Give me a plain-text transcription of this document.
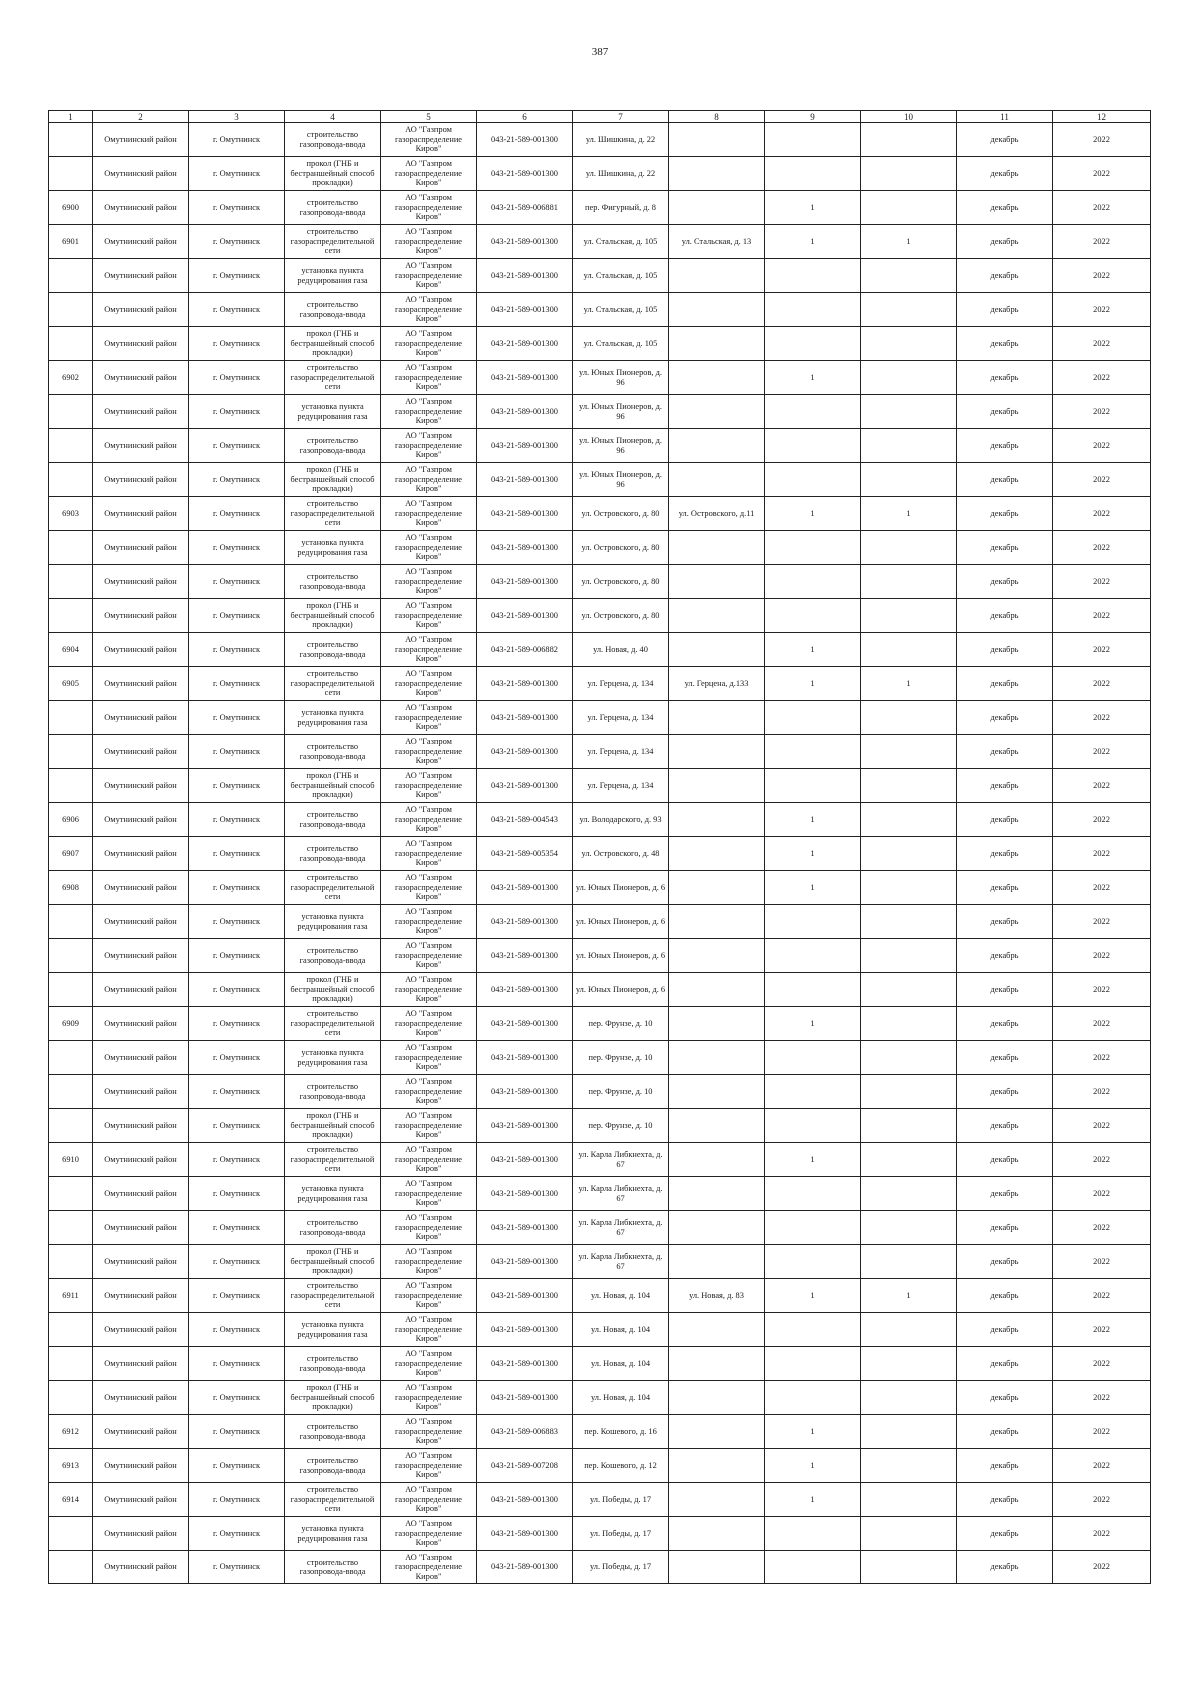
387
1	2	3	4	5	6	7	8	9	10	11	12
	Омутнинский район	г. Омутнинск	строительство газопровода-ввода	АО "Газпром газораспределение Киров"	043-21-589-001300	ул. Шишкина, д. 22				декабрь	2022
	Омутнинский район	г. Омутнинск	прокол (ГНБ и бестраншейный способ прокладки)	АО "Газпром газораспределение Киров"	043-21-589-001300	ул. Шишкина, д. 22				декабрь	2022
6900	Омутнинский район	г. Омутнинск	строительство газопровода-ввода	АО "Газпром газораспределение Киров"	043-21-589-006881	пер. Фигурный, д. 8		1		декабрь	2022
6901	Омутнинский район	г. Омутнинск	строительство газораспределительной сети	АО "Газпром газораспределение Киров"	043-21-589-001300	ул. Стальская, д. 105	ул. Стальская, д. 13	1	1	декабрь	2022
	Омутнинский район	г. Омутнинск	установка пункта редуцирования газа	АО "Газпром газораспределение Киров"	043-21-589-001300	ул. Стальская, д. 105				декабрь	2022
	Омутнинский район	г. Омутнинск	строительство газопровода-ввода	АО "Газпром газораспределение Киров"	043-21-589-001300	ул. Стальская, д. 105				декабрь	2022
	Омутнинский район	г. Омутнинск	прокол (ГНБ и бестраншейный способ прокладки)	АО "Газпром газораспределение Киров"	043-21-589-001300	ул. Стальская, д. 105				декабрь	2022
6902	Омутнинский район	г. Омутнинск	строительство газораспределительной сети	АО "Газпром газораспределение Киров"	043-21-589-001300	ул. Юных Пионеров, д. 96		1		декабрь	2022
	Омутнинский район	г. Омутнинск	установка пункта редуцирования газа	АО "Газпром газораспределение Киров"	043-21-589-001300	ул. Юных Пионеров, д. 96				декабрь	2022
	Омутнинский район	г. Омутнинск	строительство газопровода-ввода	АО "Газпром газораспределение Киров"	043-21-589-001300	ул. Юных Пионеров, д. 96				декабрь	2022
	Омутнинский район	г. Омутнинск	прокол (ГНБ и бестраншейный способ прокладки)	АО "Газпром газораспределение Киров"	043-21-589-001300	ул. Юных Пионеров, д. 96				декабрь	2022
6903	Омутнинский район	г. Омутнинск	строительство газораспределительной сети	АО "Газпром газораспределение Киров"	043-21-589-001300	ул. Островского, д. 80	ул. Островского, д.11	1	1	декабрь	2022
	Омутнинский район	г. Омутнинск	установка пункта редуцирования газа	АО "Газпром газораспределение Киров"	043-21-589-001300	ул. Островского, д. 80				декабрь	2022
	Омутнинский район	г. Омутнинск	строительство газопровода-ввода	АО "Газпром газораспределение Киров"	043-21-589-001300	ул. Островского, д. 80				декабрь	2022
	Омутнинский район	г. Омутнинск	прокол (ГНБ и бестраншейный способ прокладки)	АО "Газпром газораспределение Киров"	043-21-589-001300	ул. Островского, д. 80				декабрь	2022
6904	Омутнинский район	г. Омутнинск	строительство газопровода-ввода	АО "Газпром газораспределение Киров"	043-21-589-006882	ул. Новая, д. 40		1		декабрь	2022
6905	Омутнинский район	г. Омутнинск	строительство газораспределительной сети	АО "Газпром газораспределение Киров"	043-21-589-001300	ул. Герцена, д. 134	ул. Герцена, д.133	1	1	декабрь	2022
	Омутнинский район	г. Омутнинск	установка пункта редуцирования газа	АО "Газпром газораспределение Киров"	043-21-589-001300	ул. Герцена, д. 134				декабрь	2022
	Омутнинский район	г. Омутнинск	строительство газопровода-ввода	АО "Газпром газораспределение Киров"	043-21-589-001300	ул. Герцена, д. 134				декабрь	2022
	Омутнинский район	г. Омутнинск	прокол (ГНБ и бестраншейный способ прокладки)	АО "Газпром газораспределение Киров"	043-21-589-001300	ул. Герцена, д. 134				декабрь	2022
6906	Омутнинский район	г. Омутнинск	строительство газопровода-ввода	АО "Газпром газораспределение Киров"	043-21-589-004543	ул. Володарского, д. 93		1		декабрь	2022
6907	Омутнинский район	г. Омутнинск	строительство газопровода-ввода	АО "Газпром газораспределение Киров"	043-21-589-005354	ул. Островского, д. 48		1		декабрь	2022
6908	Омутнинский район	г. Омутнинск	строительство газораспределительной сети	АО "Газпром газораспределение Киров"	043-21-589-001300	ул. Юных Пионеров, д. 6		1		декабрь	2022
	Омутнинский район	г. Омутнинск	установка пункта редуцирования газа	АО "Газпром газораспределение Киров"	043-21-589-001300	ул. Юных Пионеров, д. 6				декабрь	2022
	Омутнинский район	г. Омутнинск	строительство газопровода-ввода	АО "Газпром газораспределение Киров"	043-21-589-001300	ул. Юных Пионеров, д. 6				декабрь	2022
	Омутнинский район	г. Омутнинск	прокол (ГНБ и бестраншейный способ прокладки)	АО "Газпром газораспределение Киров"	043-21-589-001300	ул. Юных Пионеров, д. 6				декабрь	2022
6909	Омутнинский район	г. Омутнинск	строительство газораспределительной сети	АО "Газпром газораспределение Киров"	043-21-589-001300	пер. Фрунзе, д. 10		1		декабрь	2022
	Омутнинский район	г. Омутнинск	установка пункта редуцирования газа	АО "Газпром газораспределение Киров"	043-21-589-001300	пер. Фрунзе, д. 10				декабрь	2022
	Омутнинский район	г. Омутнинск	строительство газопровода-ввода	АО "Газпром газораспределение Киров"	043-21-589-001300	пер. Фрунзе, д. 10				декабрь	2022
	Омутнинский район	г. Омутнинск	прокол (ГНБ и бестраншейный способ прокладки)	АО "Газпром газораспределение Киров"	043-21-589-001300	пер. Фрунзе, д. 10				декабрь	2022
6910	Омутнинский район	г. Омутнинск	строительство газораспределительной сети	АО "Газпром газораспределение Киров"	043-21-589-001300	ул. Карла Либкнехта, д. 67		1		декабрь	2022
	Омутнинский район	г. Омутнинск	установка пункта редуцирования газа	АО "Газпром газораспределение Киров"	043-21-589-001300	ул. Карла Либкнехта, д. 67				декабрь	2022
	Омутнинский район	г. Омутнинск	строительство газопровода-ввода	АО "Газпром газораспределение Киров"	043-21-589-001300	ул. Карла Либкнехта, д. 67				декабрь	2022
	Омутнинский район	г. Омутнинск	прокол (ГНБ и бестраншейный способ прокладки)	АО "Газпром газораспределение Киров"	043-21-589-001300	ул. Карла Либкнехта, д. 67				декабрь	2022
6911	Омутнинский район	г. Омутнинск	строительство газораспределительной сети	АО "Газпром газораспределение Киров"	043-21-589-001300	ул. Новая, д. 104	ул. Новая, д. 83	1	1	декабрь	2022
	Омутнинский район	г. Омутнинск	установка пункта редуцирования газа	АО "Газпром газораспределение Киров"	043-21-589-001300	ул. Новая, д. 104				декабрь	2022
	Омутнинский район	г. Омутнинск	строительство газопровода-ввода	АО "Газпром газораспределение Киров"	043-21-589-001300	ул. Новая, д. 104				декабрь	2022
	Омутнинский район	г. Омутнинск	прокол (ГНБ и бестраншейный способ прокладки)	АО "Газпром газораспределение Киров"	043-21-589-001300	ул. Новая, д. 104				декабрь	2022
6912	Омутнинский район	г. Омутнинск	строительство газопровода-ввода	АО "Газпром газораспределение Киров"	043-21-589-006883	пер. Кошевого, д. 16		1		декабрь	2022
6913	Омутнинский район	г. Омутнинск	строительство газопровода-ввода	АО "Газпром газораспределение Киров"	043-21-589-007208	пер. Кошевого, д. 12		1		декабрь	2022
6914	Омутнинский район	г. Омутнинск	строительство газораспределительной сети	АО "Газпром газораспределение Киров"	043-21-589-001300	ул. Победы, д. 17		1		декабрь	2022
	Омутнинский район	г. Омутнинск	установка пункта редуцирования газа	АО "Газпром газораспределение Киров"	043-21-589-001300	ул. Победы, д. 17				декабрь	2022
	Омутнинский район	г. Омутнинск	строительство газопровода-ввода	АО "Газпром газораспределение Киров"	043-21-589-001300	ул. Победы, д. 17				декабрь	2022
